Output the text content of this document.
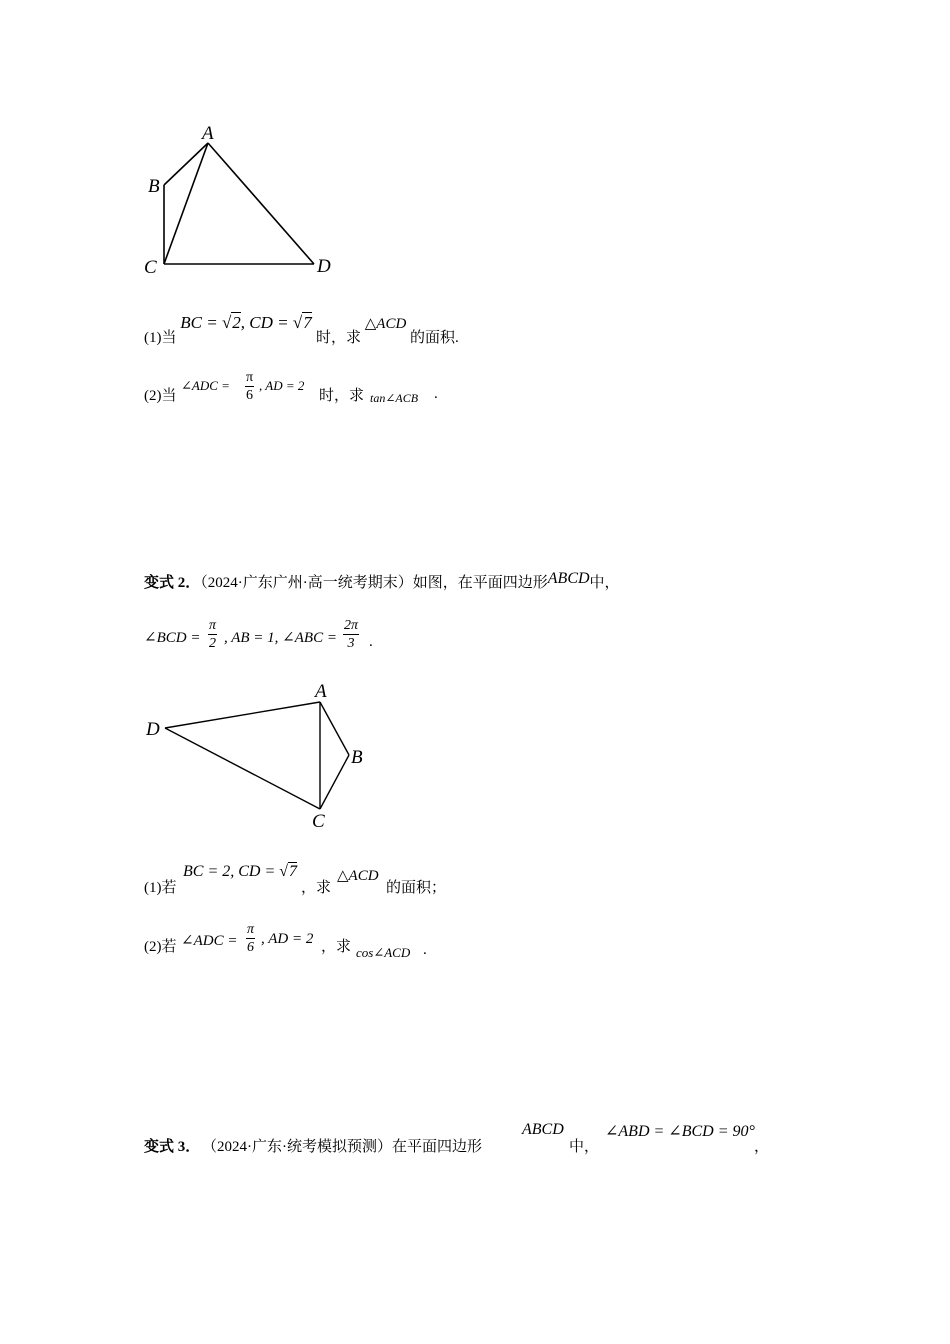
A
B
C	D
(1)当 BC = √2, CD = √7 时，求 △ACD 的面积.
(2)当
∠ADC = $\frac{\pi}{6}$ , AD = 2
时，求 tan∠ACB .
变式 2．（2024·广东广州·高一统考期末）如图，在平面四边形ABCD中，
∠BCD = $\frac{\pi}{2}$ , AB = 1, ∠ABC = $\frac{2\pi}{3}$ .
A
B
C
D
(1)若
BC = 2, CD = √7
，求
△ACD
的面积；
(2)若 ∠ADC = $\frac{\pi}{6}$ , AD = 2 ，求 cos∠ACD .
变式 3． （2024·广东·统考模拟预测）在平面四边形
ABCD
中，
∠ABD = ∠BCD = 90°
，
